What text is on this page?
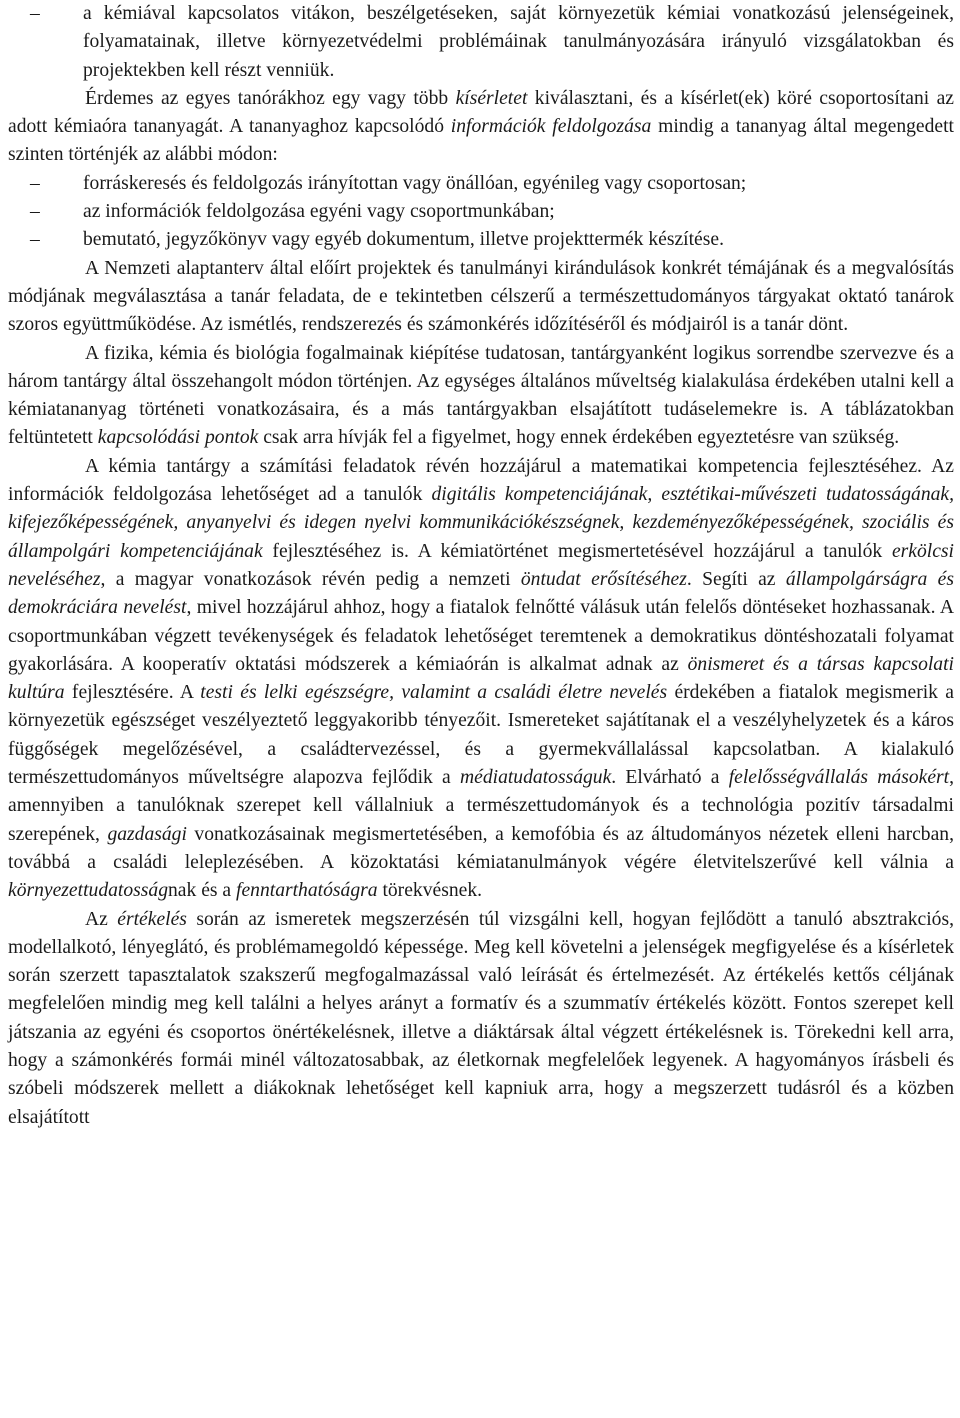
– a kémiával kapcsolatos vitákon, beszélgetéseken, saját környezetük kémiai vonatkozású jelenségeinek, folyamatainak, illetve környezetvédelmi problémáinak tanulmányozására irányuló vizsgálatokban és projektekben kell részt venniük.

Érdemes az egyes tanórákhoz egy vagy több kísérletet kiválasztani, és a kísérlet(ek) köré csoportosítani az adott kémiaóra tananyagát. A tananyaghoz kapcsolódó információk feldolgozása mindig a tananyag által megengedett szinten történjék az alábbi módon:

– forráskeresés és feldolgozás irányítottan vagy önállóan, egyénileg vagy csoportosan;

– az információk feldolgozása egyéni vagy csoportmunkában;

– bemutató, jegyzőkönyv vagy egyéb dokumentum, illetve projekttermék készítése.

A Nemzeti alaptanterv által előírt projektek és tanulmányi kirándulások konkrét témájának és a megvalósítás módjának megválasztása a tanár feladata, de e tekintetben célszerű a természettudományos tárgyakat oktató tanárok szoros együttműködése. Az ismétlés, rendszerezés és számonkérés időzítéséről és módjairól is a tanár dönt.

A fizika, kémia és biológia fogalmainak kiépítése tudatosan, tantárgyanként logikus sorrendbe szervezve és a három tantárgy által összehangolt módon történjen. Az egységes általános műveltség kialakulása érdekében utalni kell a kémiatananyag történeti vonatkozásaira, és a más tantárgyakban elsajátított tudáselemekre is. A táblázatokban feltüntetett kapcsolódási pontok csak arra hívják fel a figyelmet, hogy ennek érdekében egyeztetésre van szükség.

A kémia tantárgy a számítási feladatok révén hozzájárul a matematikai kompetencia fejlesztéséhez. Az információk feldolgozása lehetőséget ad a tanulók digitális kompetenciájának, esztétikai-művészeti tudatosságának, kifejezőképességének, anyanyelvi és idegen nyelvi kommunikációkészségnek, kezdeményezőképességének, szociális és állampolgári kompetenciájának fejlesztéséhez is. A kémiatörténet megismertetésével hozzájárul a tanulók erkölcsi neveléséhez, a magyar vonatkozások révén pedig a nemzeti öntudat erősítéséhez. Segíti az állampolgárságra és demokráciára nevelést, mivel hozzájárul ahhoz, hogy a fiatalok felnőtté válásuk után felelős döntéseket hozhassanak. A csoportmunkában végzett tevékenységek és feladatok lehetőséget teremtenek a demokratikus döntéshozatali folyamat gyakorlására. A kooperatív oktatási módszerek a kémiaórán is alkalmat adnak az önismeret és a társas kapcsolati kultúra fejlesztésére. A testi és lelki egészségre, valamint a családi életre nevelés érdekében a fiatalok megismerik a környezetük egészséget veszélyeztető leggyakoribb tényezőit. Ismereteket sajátítanak el a veszélyhelyzetek és a káros függőségek megelőzésével, a családtervezéssel, és a gyermekvállalással kapcsolatban. A kialakuló természettudományos műveltségre alapozva fejlődik a médiatudatosságuk. Elvárható a felelősségvállalás másokért, amennyiben a tanulóknak szerepet kell vállalniuk a természettudományok és a technológia pozitív társadalmi szerepének, gazdasági vonatkozásainak megismertetésében, a kemofóbia és az áltudományos nézetek elleni harcban, továbbá a családi leleplezésében. A közoktatási kémiatanulmányok végére életvitelszerűvé kell válnia a környezettudatosságnak és a fenntarthatóságra törekvésnek.

Az értékelés során az ismeretek megszerzésén túl vizsgálni kell, hogyan fejlődött a tanuló absztrakciós, modellalkotó, lényeglátó, és problémamegoldó képessége. Meg kell követelni a jelenségek megfigyelése és a kísérletek során szerzett tapasztalatok szakszerű megfogalmazással való leírását és értelmezését. Az értékelés kettős céljának megfelelően mindig meg kell találni a helyes arányt a formatív és a szummatív értékelés között. Fontos szerepet kell játszania az egyéni és csoportos önértékelésnek, illetve a diáktársak által végzett értékelésnek is. Törekedni kell arra, hogy a számonkérés formái minél változatosabbak, az életkornak megfelelőek legyenek. A hagyományos írásbeli és szóbeli módszerek mellett a diákoknak lehetőséget kell kapniuk arra, hogy a megszerzett tudásról és a közben elsajátított
